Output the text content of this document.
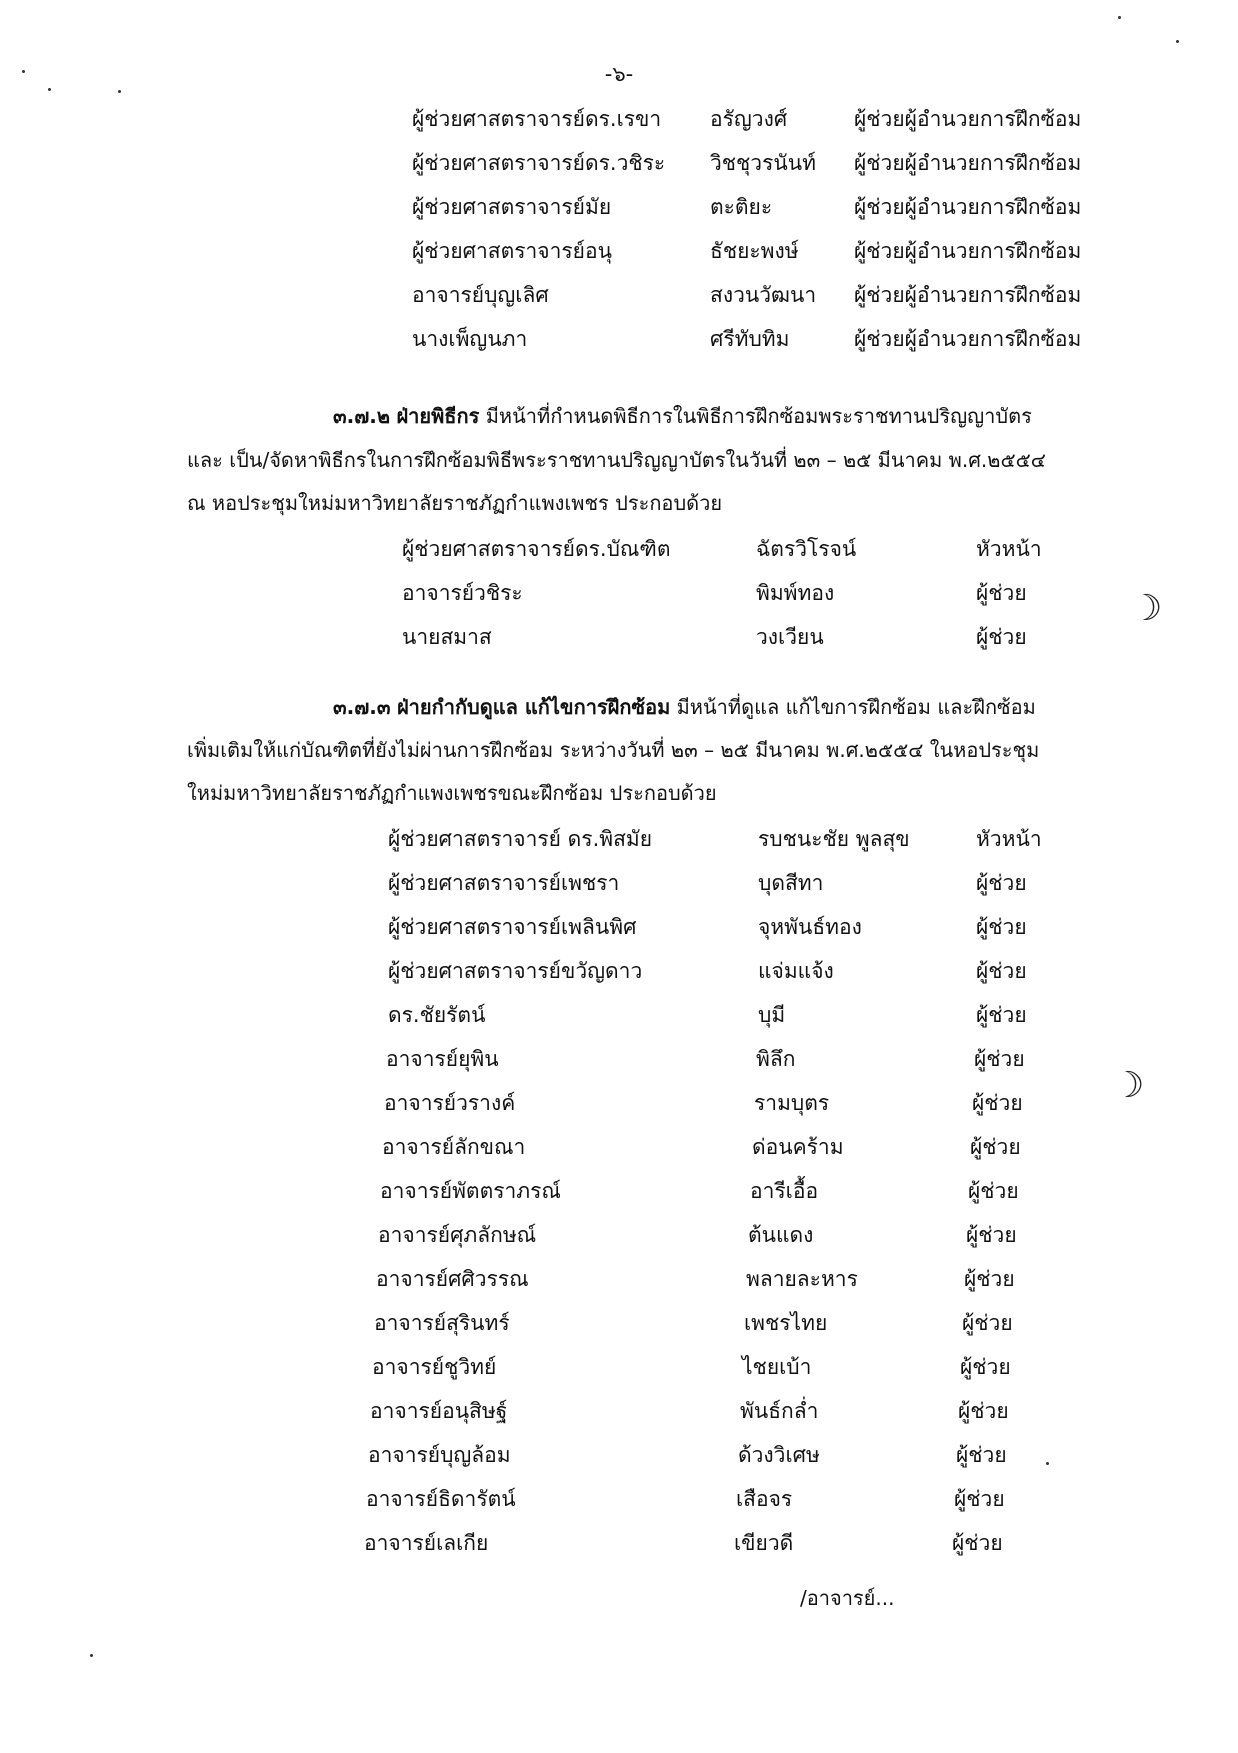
-๖-
ผู้ช่วยศาสตราจารย์ดร.เรขา อรัญวงศ์	ผู้ช่วยผู้อำนวยการฝึกซ้อม
ผู้ช่วยศาสตราจารย์ดร.วชิระ วิชชุวรนันท์ ผู้ช่วยผู้อำนวยการฝึกซ้อม
ผู้ช่วยศาสตราจารย์มัย	ตะติยะ	ผู้ช่วยผู้อำนวยการฝึกซ้อม
ผู้ช่วยศาสตราจารย์อนุ	ธัชยะพงษ์	ผู้ช่วยผู้อำนวยการฝึกซ้อม
อาจารย์บุญเลิศ	สงวนวัฒนา ผู้ช่วยผู้อำนวยการฝึกซ้อม
นางเพ็ญนภา	ศรีทับทิม	ผู้ช่วยผู้อำนวยการฝึกซ้อม
๓.๗.๒ ฝ่ายพิธีกร มีหน้าที่กำหนดพิธีการในพิธีการฝึกซ้อมพระราชทานปริญญาบัตร
และ เป็น/จัดหาพิธีกรในการฝึกซ้อมพิธีพระราชทานปริญญาบัตรในวันที่ ๒๓ – ๒๕ มีนาคม พ.ศ.๒๕๕๔
ณ หอประชุมใหม่มหาวิทยาลัยราชภัฏกำแพงเพชร ประกอบด้วย
ผู้ช่วยศาสตราจารย์ดร.บัณฑิต	ฉัตรวิโรจน์	หัวหน้า
อาจารย์วชิระ	พิมพ์ทอง	ผู้ช่วย
นายสมาส	วงเวียน	ผู้ช่วย
๓.๗.๓ ฝ่ายกำกับดูแล แก้ไขการฝึกซ้อม มีหน้าที่ดูแล แก้ไขการฝึกซ้อม และฝึกซ้อม
เพิ่มเติมให้แก่บัณฑิตที่ยังไม่ผ่านการฝึกซ้อม ระหว่างวันที่ ๒๓ – ๒๕ มีนาคม พ.ศ.๒๕๕๔ ในหอประชุม
ใหม่มหาวิทยาลัยราชภัฏกำแพงเพชรขณะฝึกซ้อม ประกอบด้วย
ผู้ช่วยศาสตราจารย์ ดร.พิสมัย	รบชนะชัย พูลสุข	หัวหน้า
ผู้ช่วยศาสตราจารย์เพชรา	บุดสีทา	ผู้ช่วย
ผู้ช่วยศาสตราจารย์เพลินพิศ	จุหพันธ์ทอง	ผู้ช่วย
ผู้ช่วยศาสตราจารย์ขวัญดาว	แจ่มแจ้ง	ผู้ช่วย
ดร.ชัยรัตน์	บุมี	ผู้ช่วย
อาจารย์ยุพิน	พิลึก	ผู้ช่วย
อาจารย์วรางค์	รามบุตร	ผู้ช่วย
อาจารย์ลักขณา	ด่อนคร้าม	ผู้ช่วย
อาจารย์พัตตราภรณ์	อารีเอื้อ	ผู้ช่วย
อาจารย์ศุภลักษณ์	ต้นแดง	ผู้ช่วย
อาจารย์ศศิวรรณ	พลายละหาร	ผู้ช่วย
อาจารย์สุรินทร์	เพชรไทย	ผู้ช่วย
อาจารย์ชูวิทย์	ไชยเบ้า	ผู้ช่วย
อาจารย์อนุสิษฐ์	พันธ์กล่ำ	ผู้ช่วย
อาจารย์บุญล้อม	ด้วงวิเศษ	ผู้ช่วย
อาจารย์ธิดารัตน์	เสือจร	ผู้ช่วย
อาจารย์เลเกีย	เขียวดี	ผู้ช่วย
/อาจารย์...
☽
☽
